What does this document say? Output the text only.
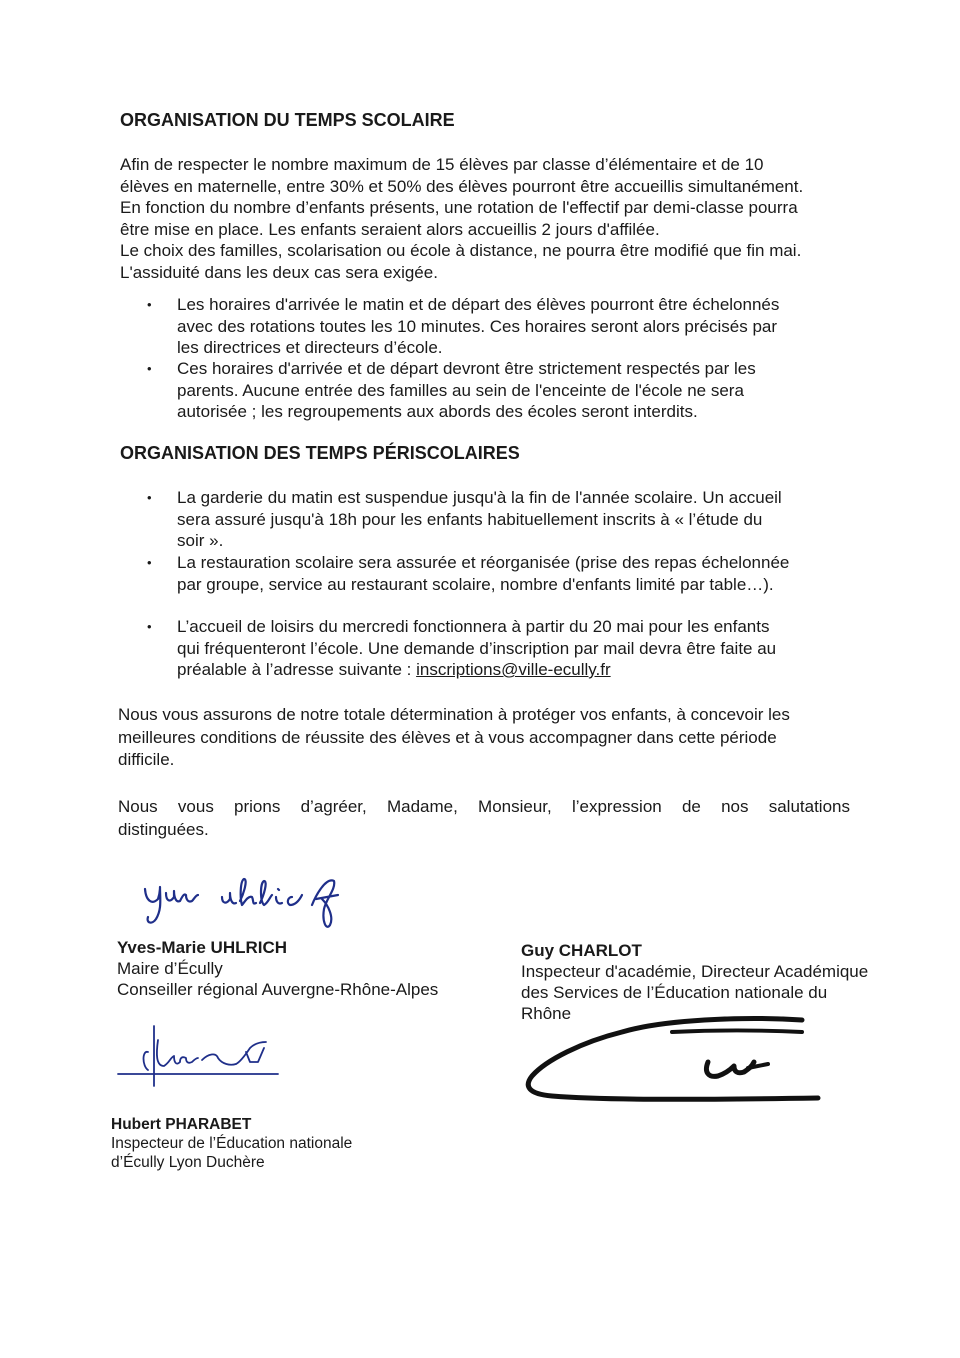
ORGANISATION DU TEMPS SCOLAIRE
Afin de respecter le nombre maximum de 15 élèves par classe d’élémentaire et de 10
élèves en maternelle, entre 30% et 50% des élèves pourront être accueillis simultanément.
En fonction du nombre d’enfants présents, une rotation de l'effectif par demi-classe pourra
être mise en place. Les enfants seraient alors accueillis 2 jours d'affilée.
Le choix des familles, scolarisation ou école à distance, ne pourra être modifié que fin mai.
L'assiduité dans les deux cas sera exigée.
• Les horaires d'arrivée le matin et de départ des élèves pourront être échelonnés
avec des rotations toutes les 10 minutes. Ces horaires seront alors précisés par
les directrices et directeurs d’école.
• Ces horaires d'arrivée et de départ devront être strictement respectés par les
parents. Aucune entrée des familles au sein de l'enceinte de l'école ne sera
autorisée ; les regroupements aux abords des écoles seront interdits.
ORGANISATION DES TEMPS PÉRISCOLAIRES
• La garderie du matin est suspendue jusqu'à la fin de l'année scolaire. Un accueil
sera assuré jusqu'à 18h pour les enfants habituellement inscrits à « l’étude du
soir ».
• La restauration scolaire sera assurée et réorganisée (prise des repas échelonnée
par groupe, service au restaurant scolaire, nombre d'enfants limité par table…).
• L’accueil de loisirs du mercredi fonctionnera à partir du 20 mai pour les enfants
qui fréquenteront l’école. Une demande d’inscription par mail devra être faite au
préalable à l’adresse suivante : inscriptions@ville-ecully.fr
Nous vous assurons de notre totale détermination à protéger vos enfants, à concevoir les
meilleures conditions de réussite des élèves et à vous accompagner dans cette période
difficile.
Nous vous prions d’agréer, Madame, Monsieur, l’expression de nos salutations
distinguées.
Yves-Marie UHLRICH
Maire d’Écully
Conseiller régional Auvergne-Rhône-Alpes
Guy CHARLOT
Inspecteur d'académie, Directeur Académique
des Services de l’Éducation nationale du
Rhône
Hubert PHARABET
Inspecteur de l’Éducation nationale
d’Écully Lyon Duchère
